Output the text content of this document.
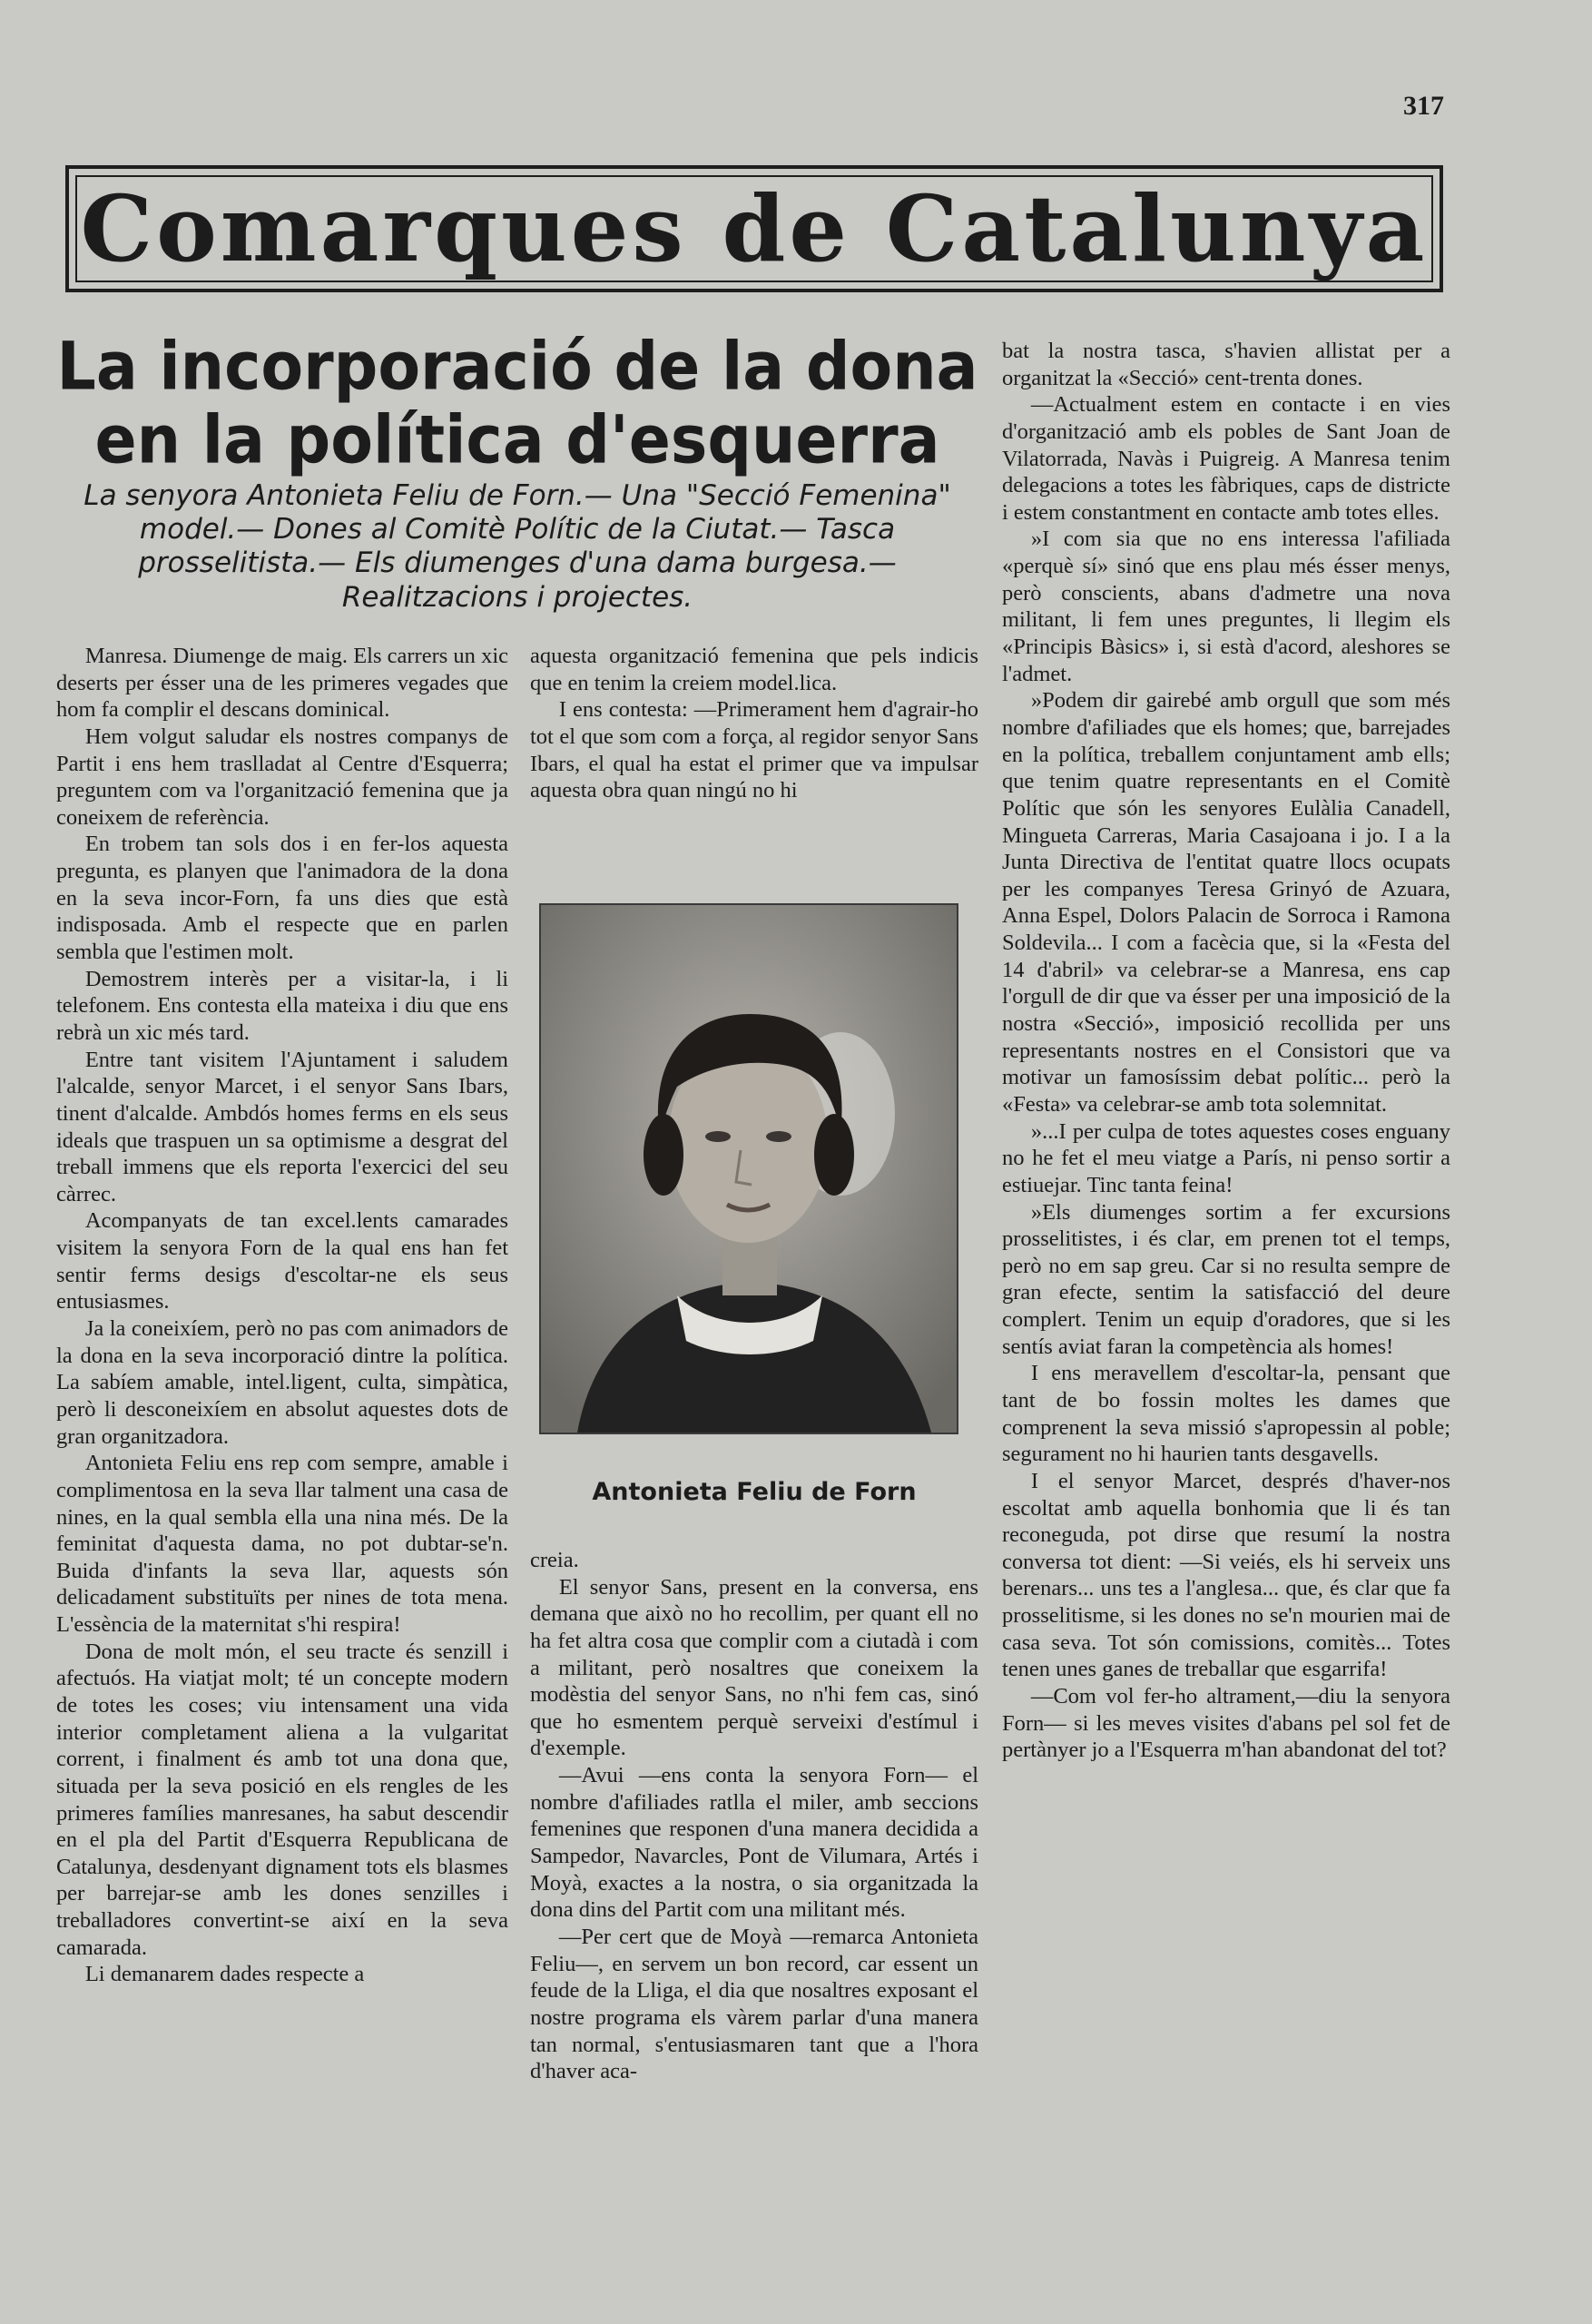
317
Comarques de Catalunya
La incorporació de la dona en la política d'esquerra
La senyora Antonieta Feliu de Forn.— Una "Secció Femenina" model.— Dones al Comitè Polític de la Ciutat.— Tasca prosselitista.— Els diumenges d'una dama burgesa.— Realitzacions i projectes.

Manresa. Diumenge de maig. Els carrers un xic deserts per ésser una de les primeres vegades que hom fa complir el descans dominical.

Hem volgut saludar els nostres companys de Partit i ens hem traslladat al Centre d'Esquerra; preguntem com va l'organització femenina que ja coneixem de referència.

En trobem tan sols dos i en fer-los aquesta pregunta, es planyen que l'animadora de la dona en la seva incor-Forn, fa uns dies que està indisposada. Amb el respecte que en parlen sembla que l'estimen molt.

Demostrem interès per a visitar-la, i li telefonem. Ens contesta ella mateixa i diu que ens rebrà un xic més tard.

Entre tant visitem l'Ajuntament i saludem l'alcalde, senyor Marcet, i el senyor Sans Ibars, tinent d'alcalde. Ambdós homes ferms en els seus ideals que traspuen un sa optimisme a desgrat del treball immens que els reporta l'exercici del seu càrrec.

Acompanyats de tan excel.lents camarades visitem la senyora Forn de la qual ens han fet sentir ferms desigs d'escoltar-ne els seus entusiasmes.

Ja la coneixíem, però no pas com animadors de la dona en la seva incorporació dintre la política. La sabíem amable, intel.ligent, culta, simpàtica, però li desconeixíem en absolut aquestes dots de gran organitzadora.

Antonieta Feliu ens rep com sempre, amable i complimentosa en la seva llar talment una casa de nines, en la qual sembla ella una nina més. De la feminitat d'aquesta dama, no pot dubtar-se'n. Buida d'infants la seva llar, aquests són delicadament substituïts per nines de tota mena. L'essència de la maternitat s'hi respira!

Dona de molt món, el seu tracte és senzill i afectuós. Ha viatjat molt; té un concepte modern de totes les coses; viu intensament una vida interior completament aliena a la vulgaritat corrent, i finalment és amb tot una dona que, situada per la seva posició en els rengles de les primeres famílies manresanes, ha sabut descendir en el pla del Partit d'Esquerra Republicana de Catalunya, desdenyant dignament tots els blasmes per barrejar-se amb les dones senzilles i treballadores convertint-se així en la seva camarada.

Li demanarem dades respecte a

aquesta organització femenina que pels indicis que en tenim la creiem model.lica.

I ens contesta: —Primerament hem d'agrair-ho tot el que som com a força, al regidor senyor Sans Ibars, el qual ha estat el primer que va impulsar aquesta obra quan ningú no hi

Antonieta Feliu de Forn

creia.

El senyor Sans, present en la conversa, ens demana que això no ho recollim, per quant ell no ha fet altra cosa que complir com a ciutadà i com a militant, però nosaltres que coneixem la modèstia del senyor Sans, no n'hi fem cas, sinó que ho esmentem perquè serveixi d'estímul i d'exemple.

—Avui —ens conta la senyora Forn— el nombre d'afiliades ratlla el miler, amb seccions femenines que responen d'una manera decidida a Sampedor, Navarcles, Pont de Vilumara, Artés i Moyà, exactes a la nostra, o sia organitzada la dona dins del Partit com una militant més.

—Per cert que de Moyà —remarca Antonieta Feliu—, en servem un bon record, car essent un feude de la Lliga, el dia que nosaltres exposant el nostre programa els vàrem parlar d'una manera tan normal, s'entusiasmaren tant que a l'hora d'haver aca-

bat la nostra tasca, s'havien allistat per a organitzat la «Secció» cent-trenta dones.

—Actualment estem en contacte i en vies d'organització amb els pobles de Sant Joan de Vilatorrada, Navàs i Puigreig. A Manresa tenim delegacions a totes les fàbriques, caps de districte i estem constantment en contacte amb totes elles.

»I com sia que no ens interessa l'afiliada «perquè sí» sinó que ens plau més ésser menys, però conscients, abans d'admetre una nova militant, li fem unes preguntes, li llegim els «Principis Bàsics» i, si està d'acord, aleshores se l'admet.

»Podem dir gairebé amb orgull que som més nombre d'afiliades que els homes; que, barrejades en la política, treballem conjuntament amb ells; que tenim quatre representants en el Comitè Polític que són les senyores Eulàlia Canadell, Mingueta Carreras, Maria Casajoana i jo. I a la Junta Directiva de l'entitat quatre llocs ocupats per les companyes Teresa Grinyó de Azuara, Anna Espel, Dolors Palacin de Sorroca i Ramona Soldevila... I com a facècia que, si la «Festa del 14 d'abril» va celebrar-se a Manresa, ens cap l'orgull de dir que va ésser per una imposició de la nostra «Secció», imposició recollida per uns representants nostres en el Consistori que va motivar un famosíssim debat polític... però la «Festa» va celebrar-se amb tota solemnitat.

»...I per culpa de totes aquestes coses enguany no he fet el meu viatge a París, ni penso sortir a estiuejar. Tinc tanta feina!

»Els diumenges sortim a fer excursions prosselitistes, i és clar, em prenen tot el temps, però no em sap greu. Car si no resulta sempre de gran efecte, sentim la satisfacció del deure complert. Tenim un equip d'oradores, que si les sentís aviat faran la competència als homes!

I ens meravellem d'escoltar-la, pensant que tant de bo fossin moltes les dames que comprenent la seva missió s'apropessin al poble; segurament no hi haurien tants desgavells.

I el senyor Marcet, després d'haver-nos escoltat amb aquella bonhomia que li és tan reconeguda, pot dirse que resumí la nostra conversa tot dient: —Si veiés, els hi serveix uns berenars... uns tes a l'anglesa... que, és clar que fa prosselitisme, si les dones no se'n mourien mai de casa seva. Tot són comissions, comitès... Totes tenen unes ganes de treballar que esgarrifa!

—Com vol fer-ho altrament,—diu la senyora Forn— si les meves visites d'abans pel sol fet de pertànyer jo a l'Esquerra m'han abandonat del tot?
